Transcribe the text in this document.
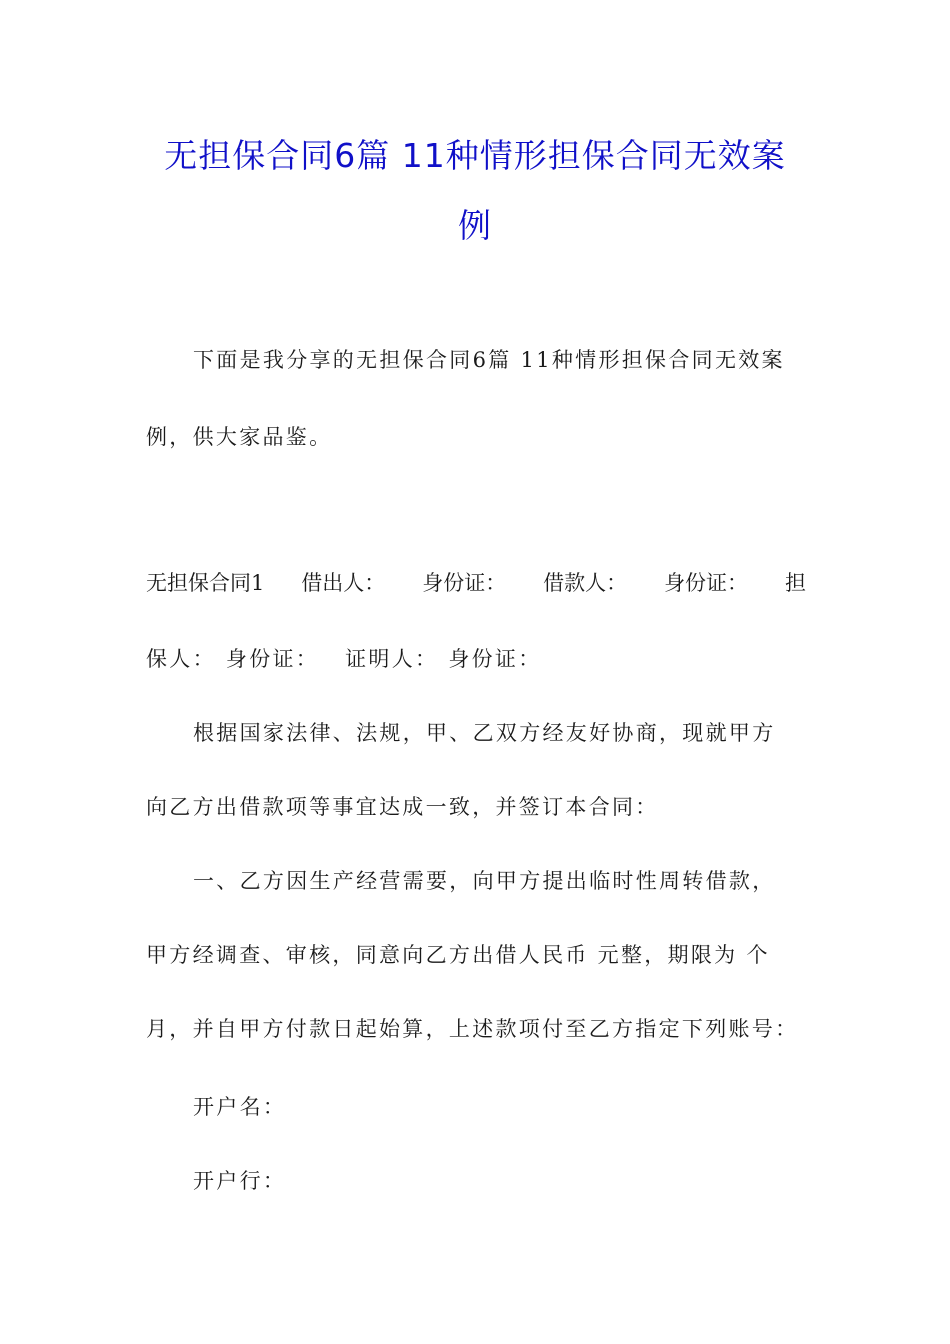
无担保合同6篇 11种情形担保合同无效案
例
下面是我分享的无担保合同6篇 11种情形担保合同无效案
例，供大家品鉴。
无担保合同1 借出人： 身份证： 借款人： 身份证： 担
保人： 身份证： 证明人： 身份证：
根据国家法律、法规，甲、乙双方经友好协商，现就甲方
向乙方出借款项等事宜达成一致，并签订本合同：
一、乙方因生产经营需要，向甲方提出临时性周转借款，
甲方经调查、审核，同意向乙方出借人民币 元整，期限为 个
月，并自甲方付款日起始算，上述款项付至乙方指定下列账号：
开户名：
开户行：
